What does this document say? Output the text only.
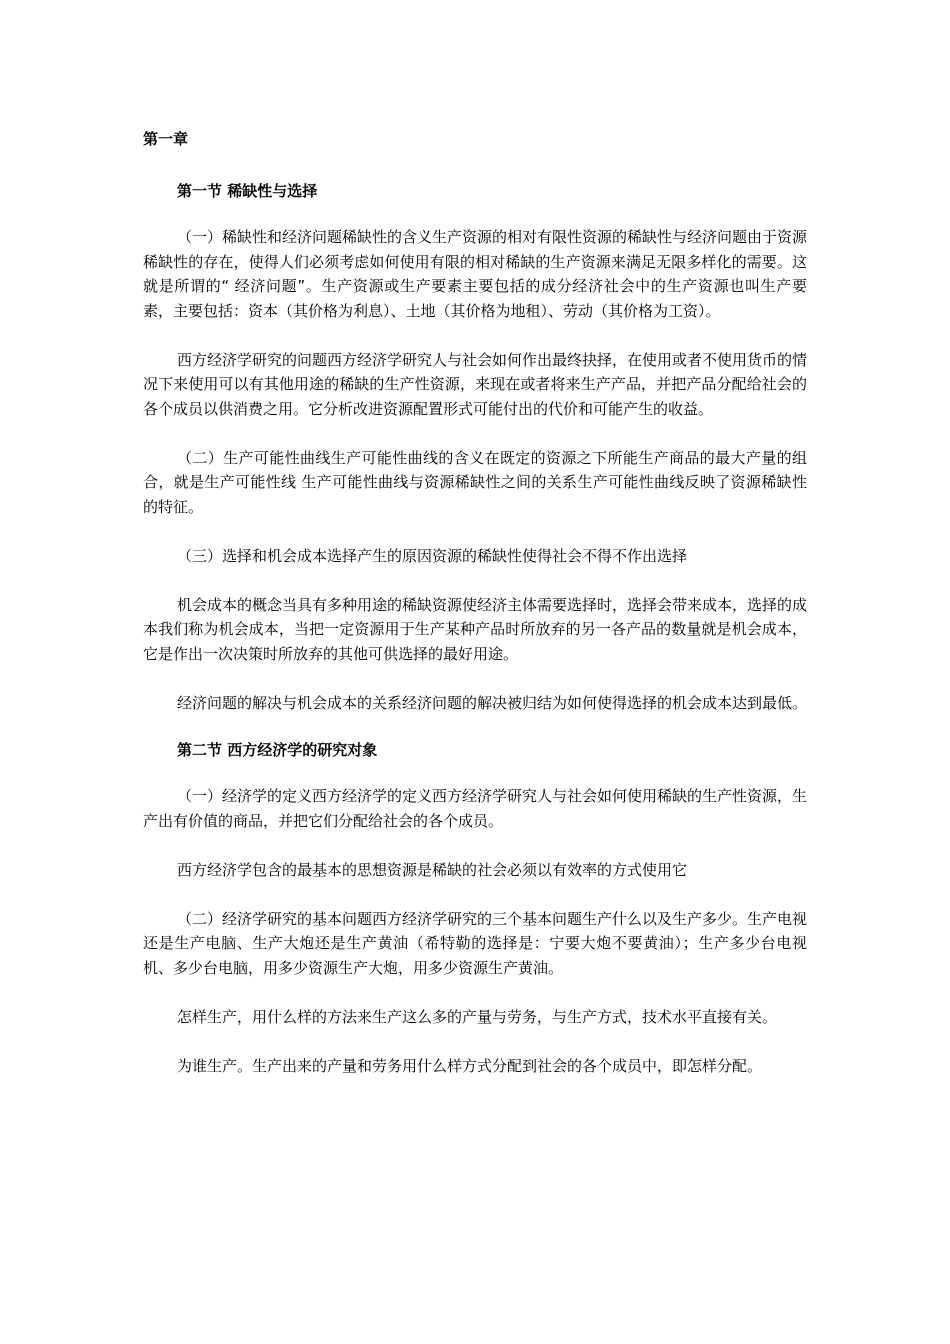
第一章
第一节 稀缺性与选择

（一）稀缺性和经济问题稀缺性的含义生产资源的相对有限性资源的稀缺性与经济问题由于资源稀缺性的存在，使得人们必须考虑如何使用有限的相对稀缺的生产资源来满足无限多样化的需要。这就是所谓的“ 经济问题”。生产资源或生产要素主要包括的成分经济社会中的生产资源也叫生产要素，主要包括：资本（其价格为利息）、土地（其价格为地租）、劳动（其价格为工资）。

西方经济学研究的问题西方经济学研究人与社会如何作出最终抉择，在使用或者不使用货币的情况下来使用可以有其他用途的稀缺的生产性资源，来现在或者将来生产产品，并把产品分配给社会的各个成员以供消费之用。它分析改进资源配置形式可能付出的代价和可能产生的收益。

（二）生产可能性曲线生产可能性曲线的含义在既定的资源之下所能生产商品的最大产量的组合，就是生产可能性线 生产可能性曲线与资源稀缺性之间的关系生产可能性曲线反映了资源稀缺性的特征。

（三）选择和机会成本选择产生的原因资源的稀缺性使得社会不得不作出选择

机会成本的概念当具有多种用途的稀缺资源使经济主体需要选择时，选择会带来成本，选择的成本我们称为机会成本，当把一定资源用于生产某种产品时所放弃的另一各产品的数量就是机会成本，它是作出一次决策时所放弃的其他可供选择的最好用途。

经济问题的解决与机会成本的关系经济问题的解决被归结为如何使得选择的机会成本达到最低。

第二节 西方经济学的研究对象

（一）经济学的定义西方经济学的定义西方经济学研究人与社会如何使用稀缺的生产性资源，生产出有价值的商品，并把它们分配给社会的各个成员。

西方经济学包含的最基本的思想资源是稀缺的社会必须以有效率的方式使用它

（二）经济学研究的基本问题西方经济学研究的三个基本问题生产什么以及生产多少。生产电视还是生产电脑、生产大炮还是生产黄油（希特勒的选择是：宁要大炮不要黄油）；生产多少台电视机、多少台电脑，用多少资源生产大炮，用多少资源生产黄油。

怎样生产，用什么样的方法来生产这么多的产量与劳务，与生产方式，技术水平直接有关。

为谁生产。生产出来的产量和劳务用什么样方式分配到社会的各个成员中，即怎样分配。
